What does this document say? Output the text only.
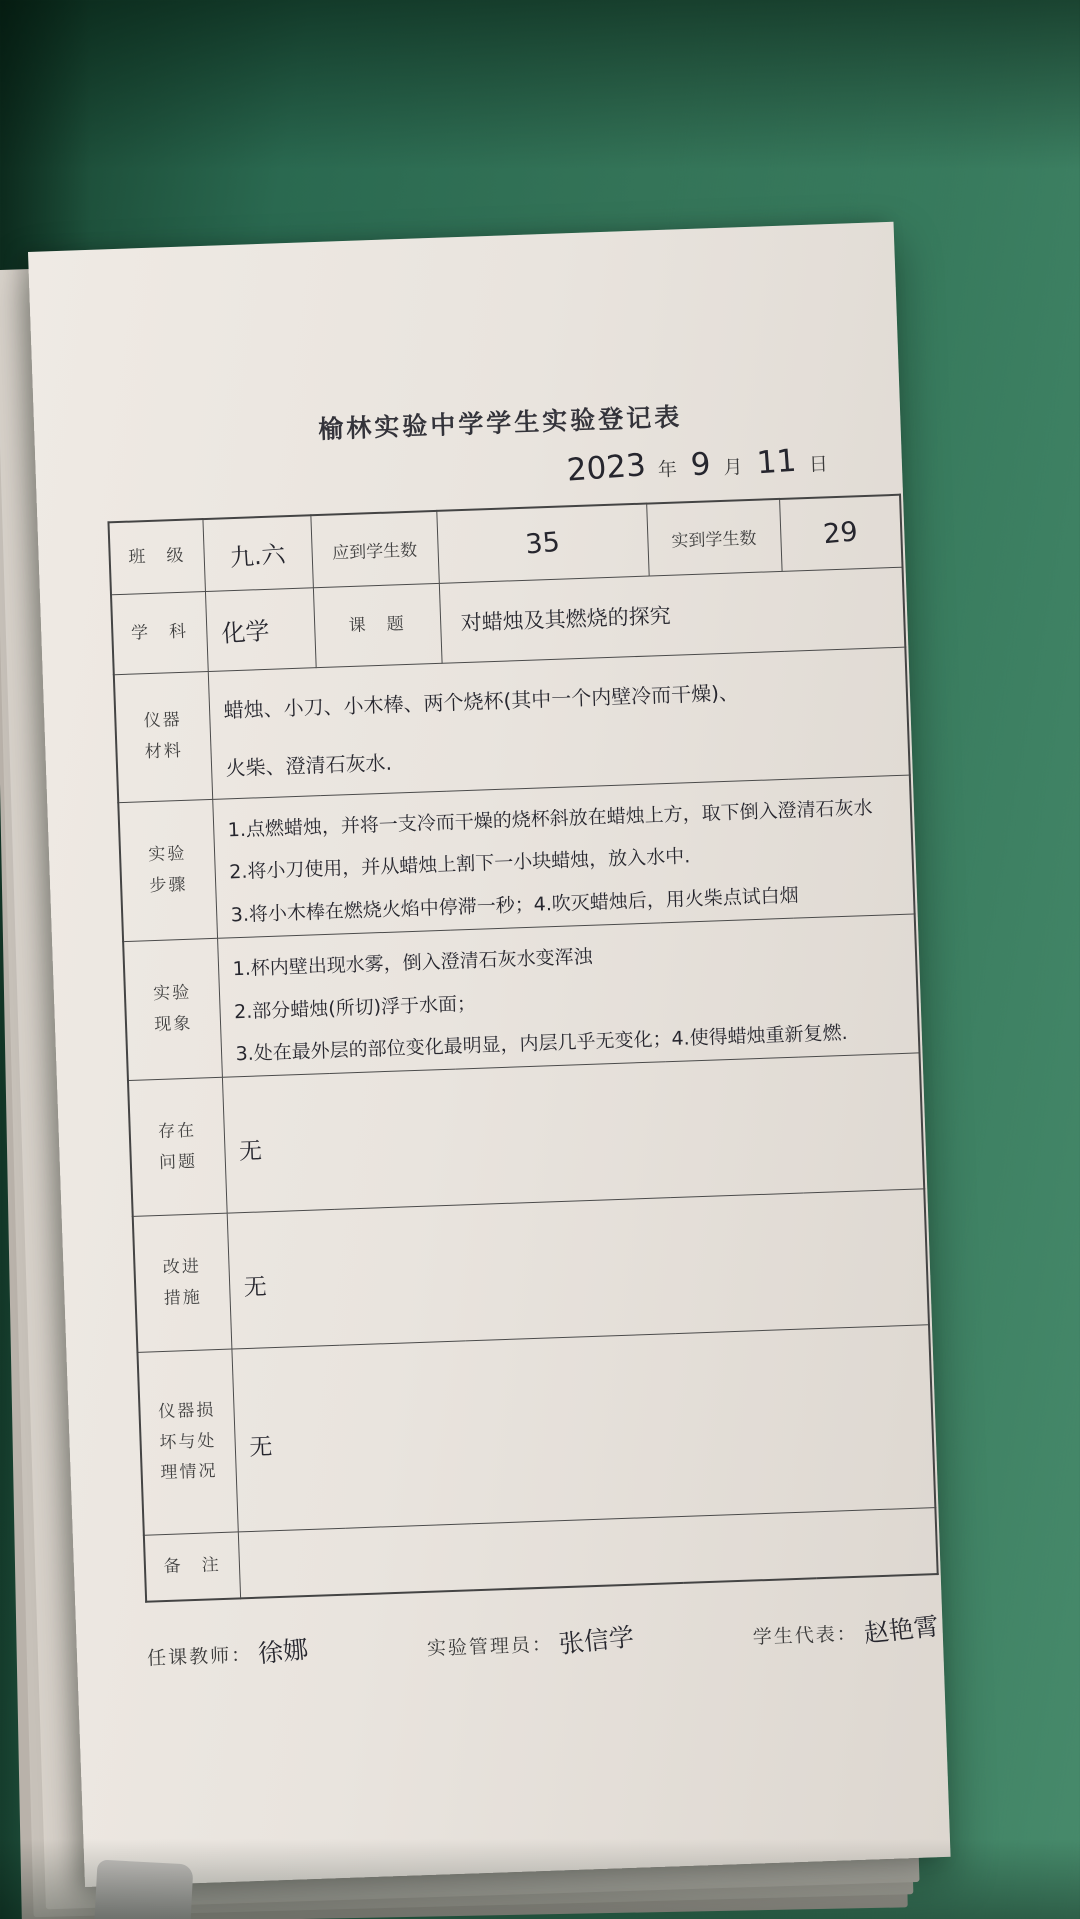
榆林实验中学学生实验登记表
2023 年 9 月 11 日
班　级	九.六	应到学生数	35	实到学生数	29
学　科	化学	课　题	对蜡烛及其燃烧的探究		
仪器材料	蜡烛、小刀、小木棒、两个烧杯(其中一个内壁冷而干燥)、
火柴、澄清石灰水.				

实验步骤	1.点燃蜡烛，并将一支冷而干燥的烧杯斜放在蜡烛上方，取下倒入澄清石灰水
2.将小刀使用，并从蜡烛上割下一小块蜡烛，放入水中.
3.将小木棒在燃烧火焰中停滞一秒；4.吹灭蜡烛后，用火柴点试白烟				

实验现象	1.杯内壁出现水雾，倒入澄清石灰水变浑浊
2.部分蜡烛(所切)浮于水面；
3.处在最外层的部位变化最明显，内层几乎无变化；4.使得蜡烛重新复燃.				

存在问题	无				
改进措施	无				
仪器损坏与处理情况	无				
备　注					
任课教师： 徐娜	实验管理员： 张信学	学生代表： 赵艳霄
